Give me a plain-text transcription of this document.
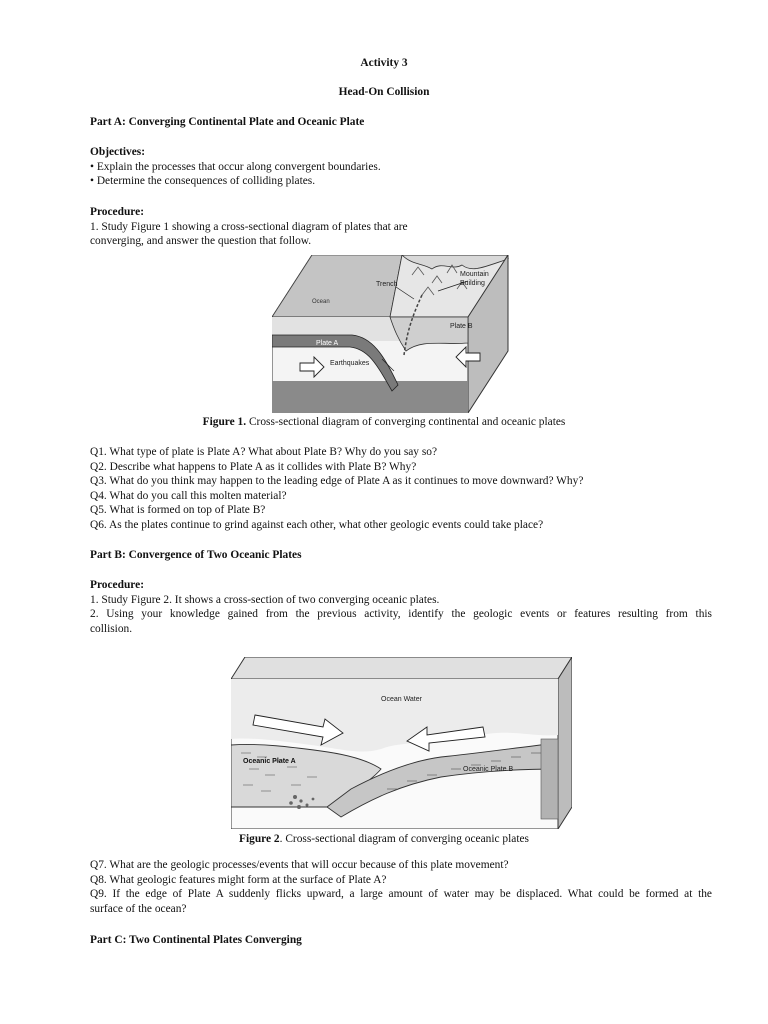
Activity 3
Head-On Collision
Part A: Converging Continental Plate and Oceanic Plate
Objectives:
• Explain the processes that occur along convergent boundaries.
• Determine the consequences of colliding plates.
Procedure:
1. Study Figure 1 showing a cross-sectional diagram of plates that are
converging, and answer the question that follow.
Trench
Mountain
Building
Ocean
Plate B
Plate A
Earthquakes
Figure 1. Cross-sectional diagram of converging continental and oceanic plates
Q1. What type of plate is Plate A? What about Plate B? Why do you say so?
Q2. Describe what happens to Plate A as it collides with Plate B? Why?
Q3. What do you think may happen to the leading edge of Plate A as it continues to move downward? Why?
Q4. What do you call this molten material?
Q5. What is formed on top of Plate B?
Q6. As the plates continue to grind against each other, what other geologic events could take place?
Part B: Convergence of Two Oceanic Plates
Procedure:
1. Study Figure 2. It shows a cross-section of two converging oceanic plates.
2. Using your knowledge gained from the previous activity, identify the geologic events or features resulting from this
collision.
Ocean Water
Oceanic Plate A
Oceanic Plate B
Figure 2. Cross-sectional diagram of converging oceanic plates
Q7. What are the geologic processes/events that will occur because of this plate movement?
Q8. What geologic features might form at the surface of Plate A?
Q9. If the edge of Plate A suddenly flicks upward, a large amount of water may be displaced. What could be formed at the
surface of the ocean?
Part C: Two Continental Plates Converging
